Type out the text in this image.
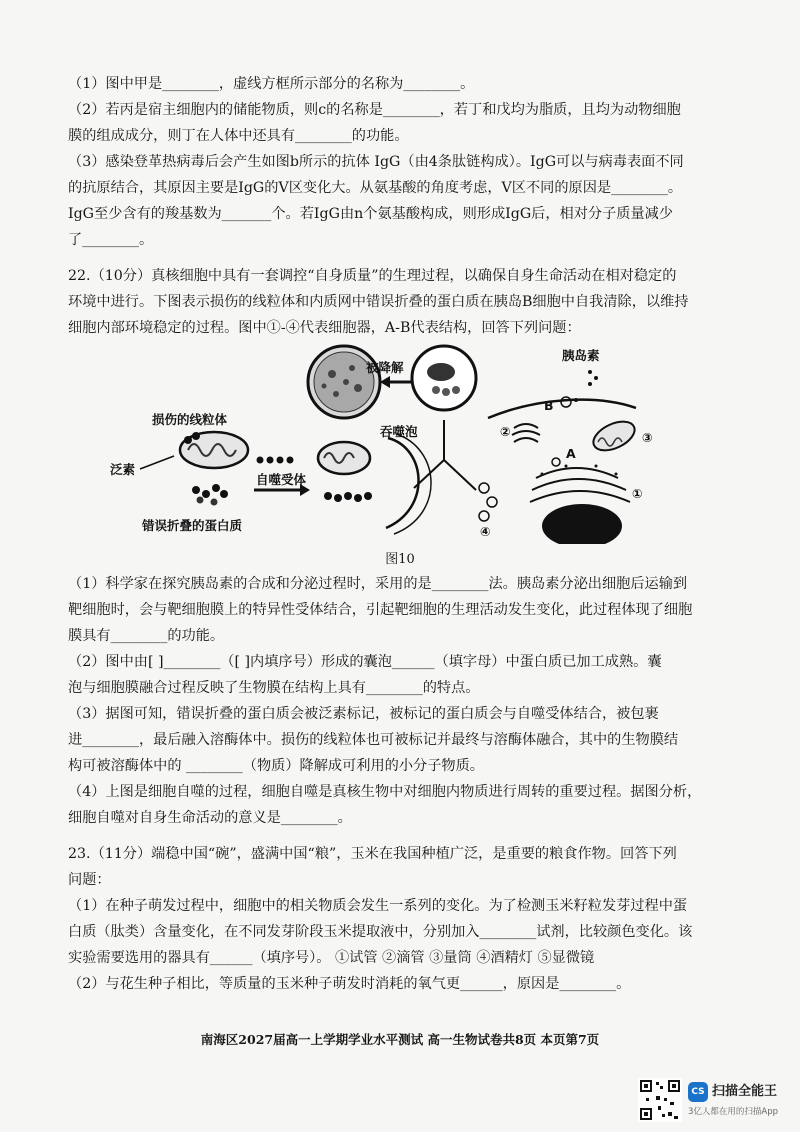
（1）图中甲是________，虚线方框所示部分的名称为________。
（2）若丙是宿主细胞内的储能物质，则c的名称是________，若丁和戊均为脂质，且均为动物细胞
膜的组成成分，则丁在人体中还具有________的功能。
（3）感染登革热病毒后会产生如图b所示的抗体 IgG（由4条肽链构成）。IgG可以与病毒表面不同
的抗原结合，其原因主要是IgG的V区变化大。从氨基酸的角度考虑，V区不同的原因是________。
IgG至少含有的羧基数为_______个。若IgG由n个氨基酸构成，则形成IgG后，相对分子质量减少
了________。
22.（10分）真核细胞中具有一套调控“自身质量”的生理过程，以确保自身生命活动在相对稳定的
环境中进行。下图表示损伤的线粒体和内质网中错误折叠的蛋白质在胰岛B细胞中自我清除，以维持
细胞内部环境稳定的过程。图中①-④代表细胞器，A-B代表结构，回答下列问题：
被降解
胰岛素
损伤的线粒体
泛素
错误折叠的蛋白质
自噬受体
吞噬泡
④
②
B
A
③
①
图10
（1）科学家在探究胰岛素的合成和分泌过程时，采用的是________法。胰岛素分泌出细胞后运输到
靶细胞时，会与靶细胞膜上的特异性受体结合，引起靶细胞的生理活动发生变化，此过程体现了细胞
膜具有________的功能。
（2）图中由[ ]________（[ ]内填序号）形成的囊泡______（填字母）中蛋白质已加工成熟。囊
泡与细胞膜融合过程反映了生物膜在结构上具有________的特点。
（3）据图可知，错误折叠的蛋白质会被泛素标记，被标记的蛋白质会与自噬受体结合，被包裹
进________，最后融入溶酶体中。损伤的线粒体也可被标记并最终与溶酶体融合，其中的生物膜结
构可被溶酶体中的 ________（物质）降解成可利用的小分子物质。
（4）上图是细胞自噬的过程，细胞自噬是真核生物中对细胞内物质进行周转的重要过程。据图分析，
细胞自噬对自身生命活动的意义是________。
23.（11分）端稳中国“碗”，盛满中国“粮”，玉米在我国种植广泛，是重要的粮食作物。回答下列
问题：
（1）在种子萌发过程中，细胞中的相关物质会发生一系列的变化。为了检测玉米籽粒发芽过程中蛋
白质（肽类）含量变化，在不同发芽阶段玉米提取液中，分别加入________试剂，比较颜色变化。该
实验需要选用的器具有______（填序号）。 ①试管 ②滴管 ③量筒 ④酒精灯 ⑤显微镜
（2）与花生种子相比，等质量的玉米种子萌发时消耗的氧气更______，原因是________。
南海区2027届高一上学期学业水平测试 高一生物试卷共8页 本页第7页
CS 扫描全能王
3亿人都在用的扫描App
